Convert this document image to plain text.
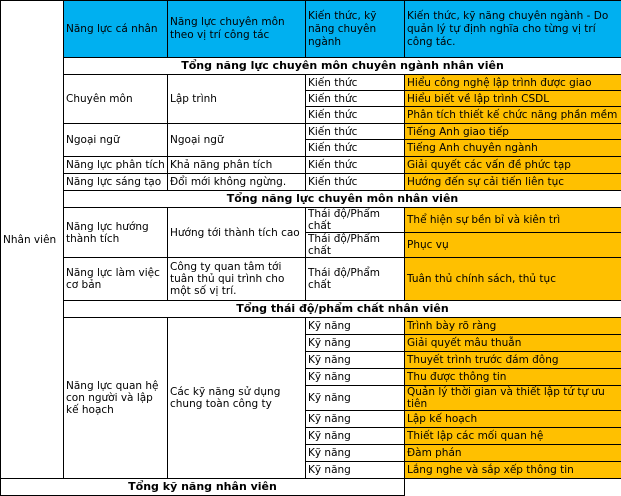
Nhân viên	Năng lực cá nhân	Năng lực chuyên môn theo vị trí công tác	Kiến thức, kỹ năng chuyên ngành	Kiến thức, kỹ năng chuyên ngành - Do quản lý tự định nghĩa cho từng vị trí công tác.

	Tổng năng lực chuyên môn chuyên ngành nhân viên			
	Chuyên môn	Lập trình	Kiến thức	Hiểu công nghệ lập trình được giao
			Kiến thức	Hiểu biết về lập trình CSDL
			Kiến thức	Phân tích thiết kế chức năng phần mềm
	Ngoại ngữ	Ngoại ngữ	Kiến thức	Tiếng Anh giao tiếp
			Kiến thức	Tiếng Anh chuyên ngành
	Năng lực phân tích	Khả năng phân tích	Kiến thức	Giải quyết các vấn đề phức tạp
	Năng lực sáng tạo	Đổi mới không ngừng.	Kiến thức	Hướng đến sự cải tiến liên tục
	Tổng năng lực chuyên môn nhân viên			
	Năng lực hướng thành tích	Hướng tới thành tích cao	Thái độ/Phẩm chất	Thể hiện sự bền bỉ và kiên trì
			Thái độ/Phẩm chất	Phục vụ
	Năng lực làm việc cơ bản	Công ty quan tâm tới tuân thủ qui trình cho một số vị trí.	Thái độ/Phẩm chất	Tuân thủ chính sách, thủ tục
	Tổng thái độ/phẩm chất nhân viên			
	Năng lực quan hệ con người và lập kế hoạch	Các kỹ năng sử dụng chung toàn công ty	Kỹ năng	Trình bày rõ ràng
			Kỹ năng	Giải quyết mâu thuẫn
			Kỹ năng	Thuyết trình trước đám đông
			Kỹ năng	Thu được thông tin
			Kỹ năng	Quản lý thời gian và thiết lập tứ tự ưu tiên
			Kỹ năng	Lập kế hoạch
			Kỹ năng	Thiết lập các mối quan hệ
			Kỹ năng	Đàm phán
			Kỹ năng	Lắng nghe và sắp xếp thông tin
Tổng kỹ năng nhân viên				
